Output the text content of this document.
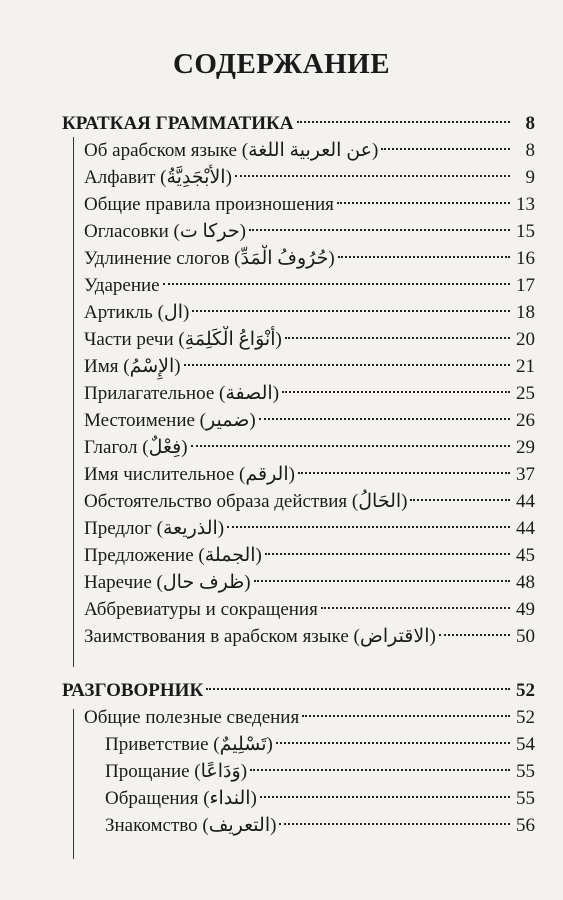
СОДЕРЖАНИЕ
КРАТКАЯ ГРАММАТИКА	8
Об арабском языке (عن العربية اللغة)	8
Алфавит (الأَبْجَدِيَّةُ)	9
Общие правила произношения	13
Огласовки (حركا ت)	15
Удлинение слогов (حُرُوفُ الْمَدِّ)	16
Ударение	17
Артикль (ال)	18
Части речи (أَنْوَاعُ الْكَلِمَةِ)	20
Имя (الإِسْمُ)	21
Прилагательное (الصفة)	25
Местоимение (ضمير)	26
Глагол (فِعْلٌ)	29
Имя числительное (الرقم)	37
Обстоятельство образа действия (الحَالُ)	44
Предлог (الذريعة)	44
Предложение (الجملة)	45
Наречие (ظرف حال)	48
Аббревиатуры и сокращения	49
Заимствования в арабском языке (الاقتراض)	50
РАЗГОВОРНИК	52
Общие полезные сведения	52
Приветствие (تَسْلِيمٌ)	54
Прощание (وَدَاعًا)	55
Обращения (النداء)	55
Знакомство (التعريف)	56
